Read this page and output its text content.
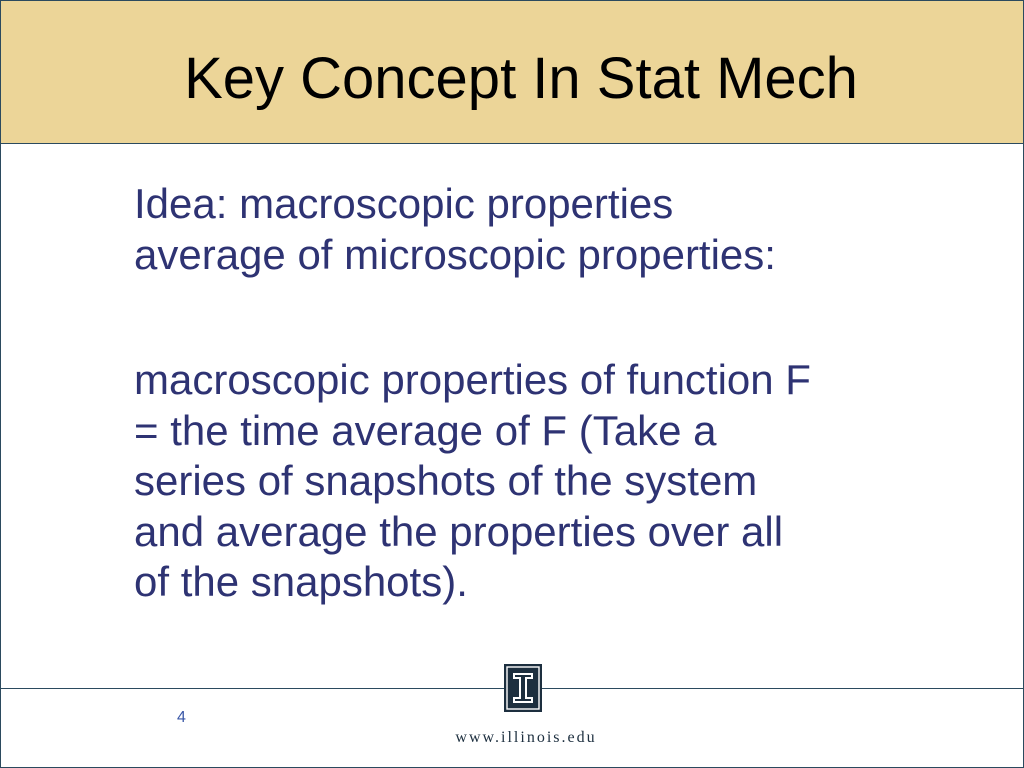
Key Concept In Stat Mech

Idea: macroscopic properties
average of microscopic properties:

macroscopic properties of function F
= the time average of F (Take a
series of snapshots of the system
and average the properties over all
of the snapshots).

4
www.illinois.edu
